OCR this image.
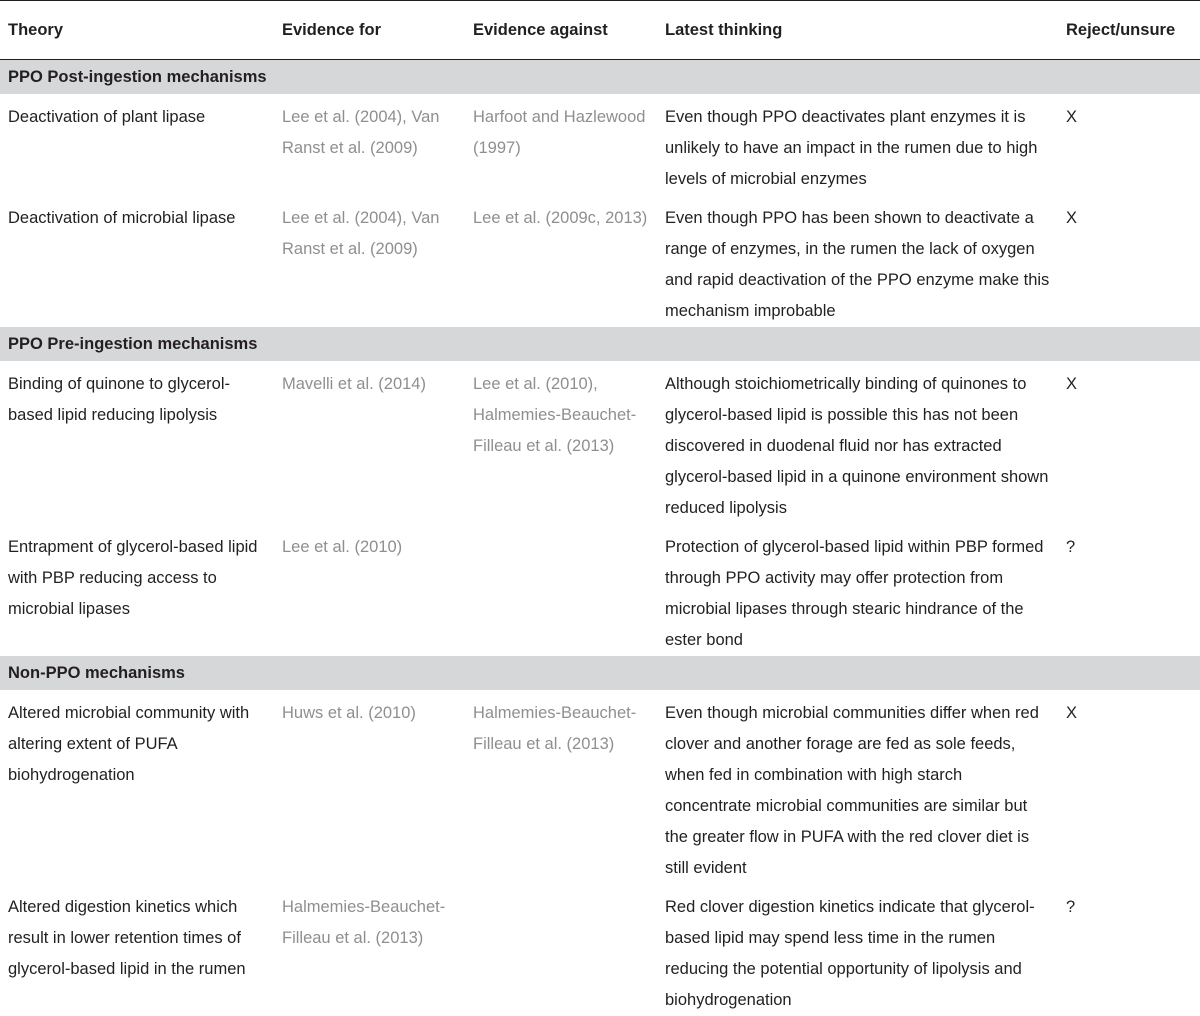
Theory	Evidence for	Evidence against	Latest thinking	Reject/unsure
PPO Post-ingestion mechanisms				
Deactivation of plant lipase	Lee et al. (2004), Van Ranst et al. (2009)	Harfoot and Hazlewood (1997)	Even though PPO deactivates plant enzymes it is unlikely to have an impact in the rumen due to high levels of microbial enzymes	X
Deactivation of microbial lipase	Lee et al. (2004), Van Ranst et al. (2009)	Lee et al. (2009c, 2013)	Even though PPO has been shown to deactivate a range of enzymes, in the rumen the lack of oxygen and rapid deactivation of the PPO enzyme make this mechanism improbable	X
PPO Pre-ingestion mechanisms				
Binding of quinone to glycerol-based lipid reducing lipolysis	Mavelli et al. (2014)	Lee et al. (2010), Halmemies-Beauchet-Filleau et al. (2013)	Although stoichiometrically binding of quinones to glycerol-based lipid is possible this has not been discovered in duodenal fluid nor has extracted glycerol-based lipid in a quinone environment shown reduced lipolysis	X
Entrapment of glycerol-based lipid with PBP reducing access to microbial lipases	Lee et al. (2010)		Protection of glycerol-based lipid within PBP formed through PPO activity may offer protection from microbial lipases through stearic hindrance of the ester bond	?
Non-PPO mechanisms				
Altered microbial community with altering extent of PUFA biohydrogenation	Huws et al. (2010)	Halmemies-Beauchet-Filleau et al. (2013)	Even though microbial communities differ when red clover and another forage are fed as sole feeds, when fed in combination with high starch concentrate microbial communities are similar but the greater flow in PUFA with the red clover diet is still evident	X
Altered digestion kinetics which result in lower retention times of glycerol-based lipid in the rumen	Halmemies-Beauchet-Filleau et al. (2013)		Red clover digestion kinetics indicate that glycerol-based lipid may spend less time in the rumen reducing the potential opportunity of lipolysis and biohydrogenation	?
